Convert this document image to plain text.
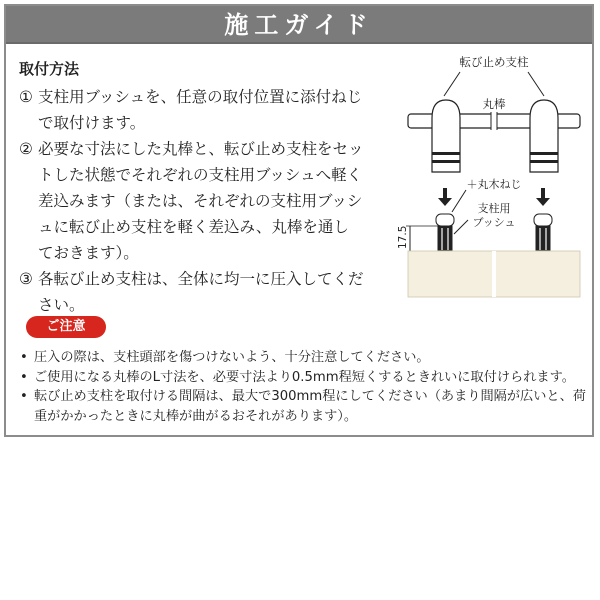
施工ガイド
取付方法
① 支柱用ブッシュを、任意の取付位置に添付ねじで取付けます。
② 必要な寸法にした丸棒と、転び止め支柱をセットした状態でそれぞれの支柱用ブッシュへ軽く差込みます（または、それぞれの支柱用ブッシュに転び止め支柱を軽く差込み、丸棒を通しておきます）。
③ 各転び止め支柱は、全体に均一に圧入してください。
転び止め支柱
丸棒
＋丸木ねじ
支柱用
ブッシュ
17.5
ご注意
• 圧入の際は、支柱頭部を傷つけないよう、十分注意してください。
• ご使用になる丸棒のL寸法を、必要寸法より0.5mm程短くするときれいに取付けられます。
• 転び止め支柱を取付ける間隔は、最大で300mm程にしてください（あまり間隔が広いと、荷重がかかったときに丸棒が曲がるおそれがあります）。
